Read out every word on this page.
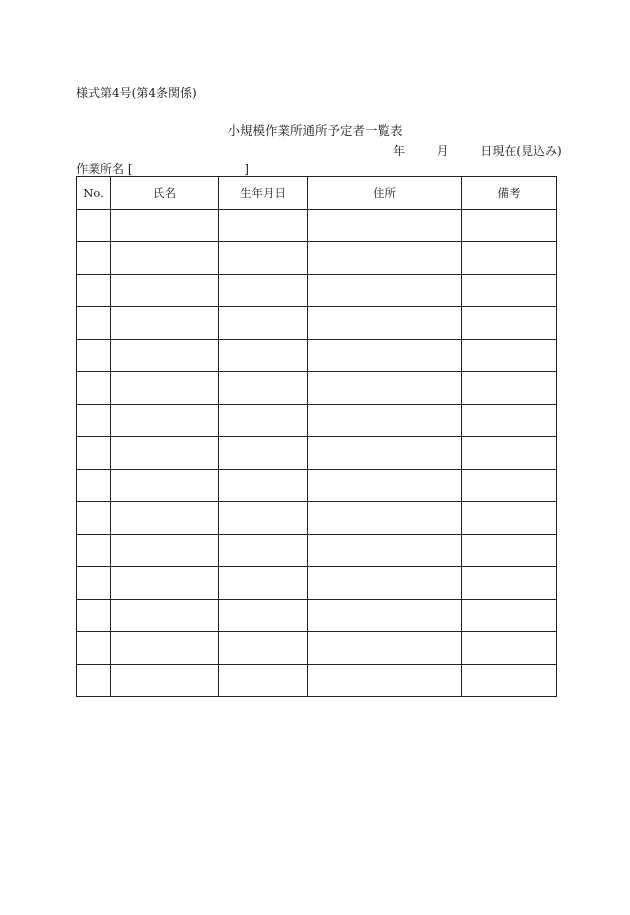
様式第4号(第4条関係)
小規模作業所通所予定者一覧表
年	月	日現在(見込み)
作業所名 [	]
No.	氏名	生年月日	住所	備考
